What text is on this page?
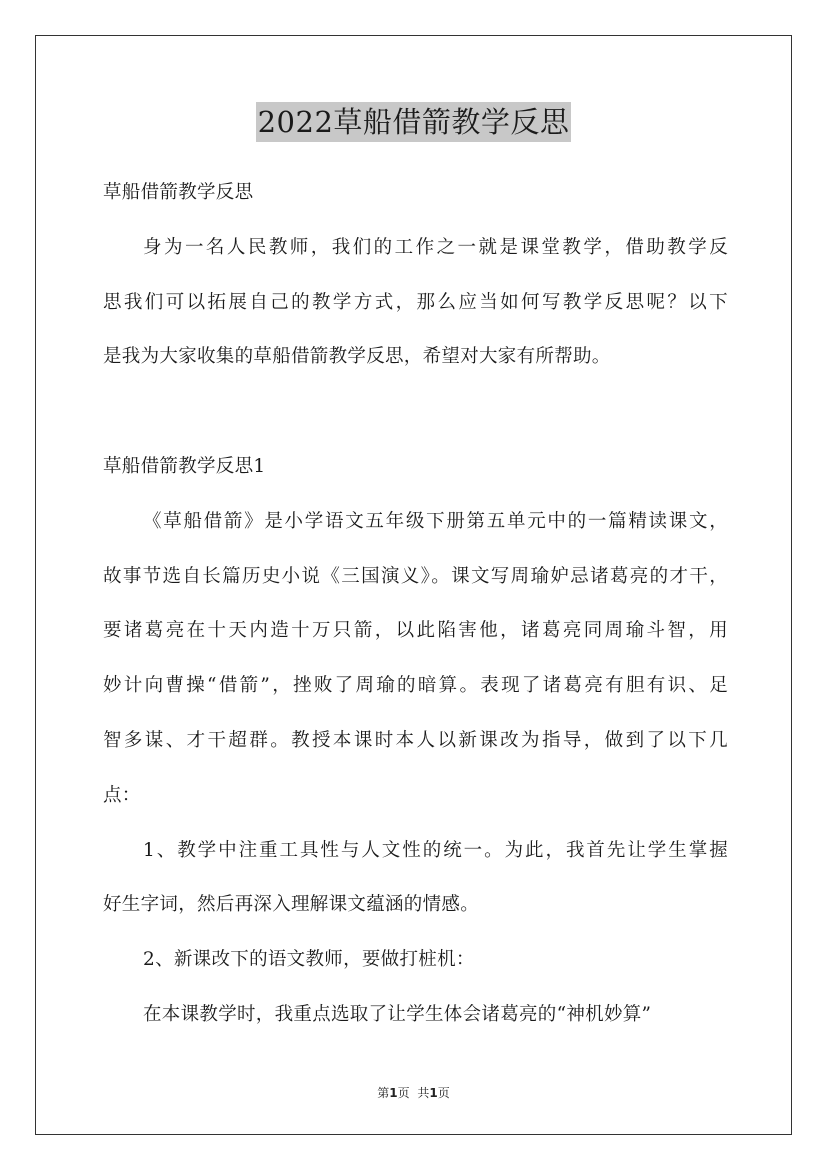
2022草船借箭教学反思
草船借箭教学反思
身为一名人民教师，我们的工作之一就是课堂教学，借助教学反
思我们可以拓展自己的教学方式，那么应当如何写教学反思呢？以下
是我为大家收集的草船借箭教学反思，希望对大家有所帮助。
草船借箭教学反思1
《草船借箭》是小学语文五年级下册第五单元中的一篇精读课文，
故事节选自长篇历史小说《三国演义》。课文写周瑜妒忌诸葛亮的才干，
要诸葛亮在十天内造十万只箭，以此陷害他，诸葛亮同周瑜斗智，用
妙计向曹操“借箭”，挫败了周瑜的暗算。表现了诸葛亮有胆有识、足
智多谋、才干超群。教授本课时本人以新课改为指导，做到了以下几
点：
1、教学中注重工具性与人文性的统一。为此，我首先让学生掌握
好生字词，然后再深入理解课文蕴涵的情感。
2、新课改下的语文教师，要做打桩机：
在本课教学时，我重点选取了让学生体会诸葛亮的“神机妙算”
第1页 共1页
